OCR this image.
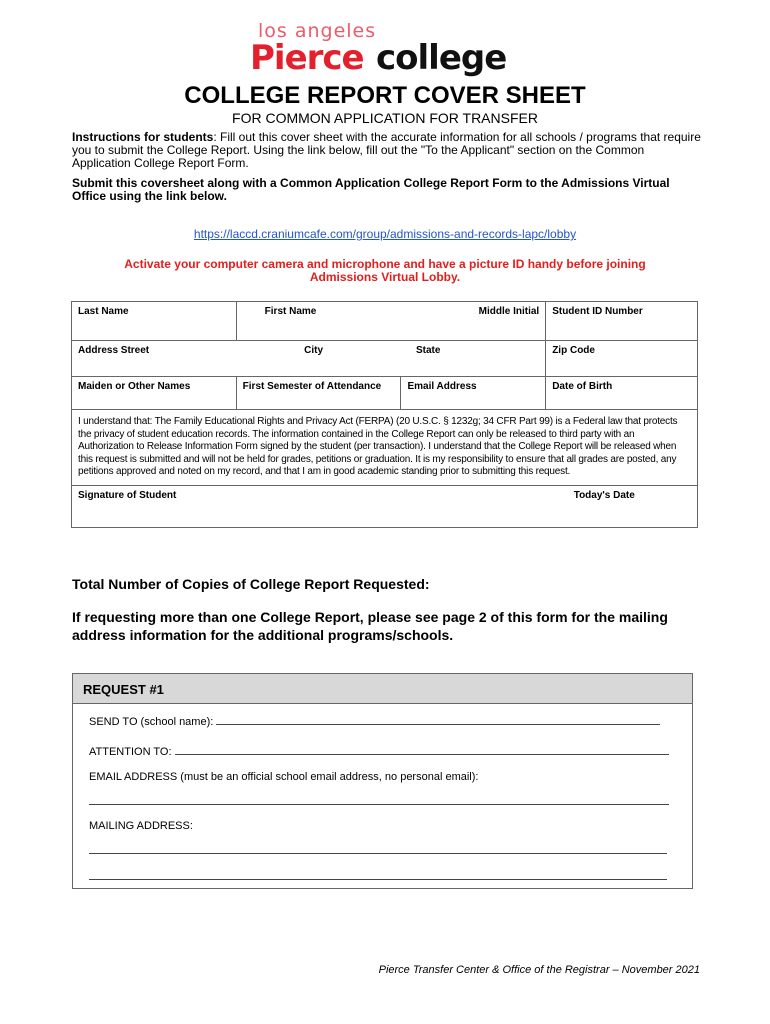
los angeles
Pierce college
COLLEGE REPORT COVER SHEET
FOR COMMON APPLICATION FOR TRANSFER
Instructions for students: Fill out this cover sheet with the accurate information for all schools / programs that require you to submit the College Report. Using the link below, fill out the "To the Applicant" section on the Common Application College Report Form.
Submit this coversheet along with a Common Application College Report Form to the Admissions Virtual Office using the link below.
https://laccd.craniumcafe.com/group/admissions-and-records-lapc/lobby
Activate your computer camera and microphone and have a picture ID handy before joining Admissions Virtual Lobby.
Last Name	First Name	Middle Initial	Student ID Number
Address Street	City	State	Zip Code
Maiden or Other Names	First Semester of Attendance	Email Address	Date of Birth
I understand that: The Family Educational Rights and Privacy Act (FERPA) (20 U.S.C. § 1232g; 34 CFR Part 99) is a Federal law that protects the privacy of student education records. The information contained in the College Report can only be released to third party with an Authorization to Release Information Form signed by the student (per transaction). I understand that the College Report will be released when this request is submitted and will not be held for grades, petitions or graduation. It is my responsibility to ensure that all grades are posted, any petitions approved and noted on my record, and that I am in good academic standing prior to submitting this request.			
Signature of Student			Today's Date
Total Number of Copies of College Report Requested:
If requesting more than one College Report, please see page 2 of this form for the mailing address information for the additional programs/schools.
REQUEST #1
SEND TO (school name):
ATTENTION TO:
EMAIL ADDRESS (must be an official school email address, no personal email):
MAILING ADDRESS:
Pierce Transfer Center & Office of the Registrar – November 2021
